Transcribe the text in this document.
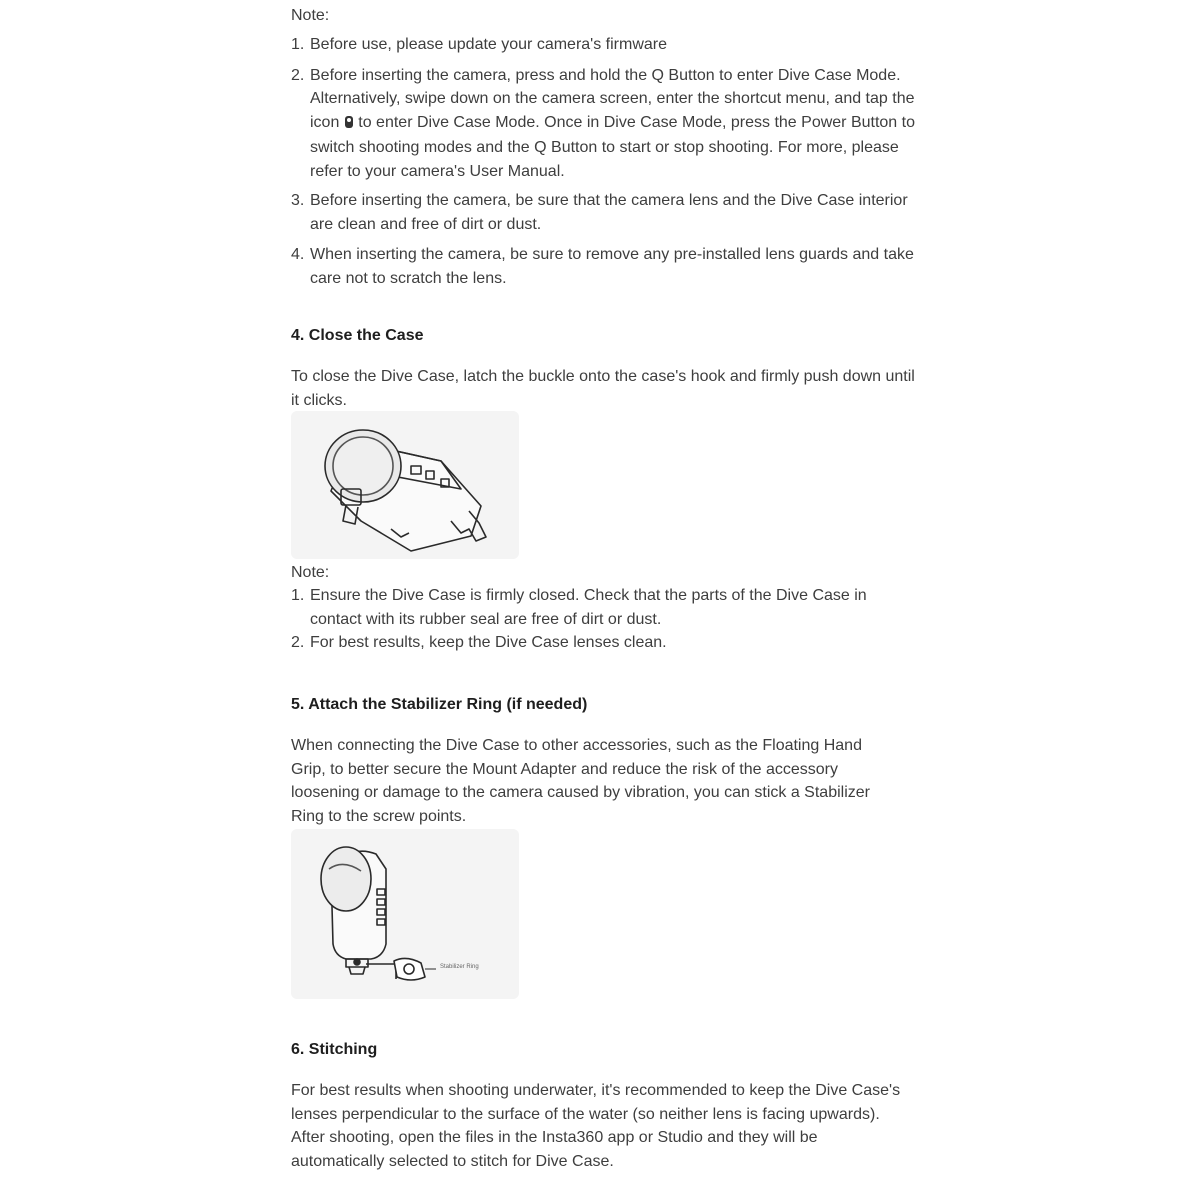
Note:
1. Before use, please update your camera's firmware
2. Before inserting the camera, press and hold the Q Button to enter Dive Case Mode. Alternatively, swipe down on the camera screen, enter the shortcut menu, and tap the icon to enter Dive Case Mode. Once in Dive Case Mode, press the Power Button to switch shooting modes and the Q Button to start or stop shooting. For more, please refer to your camera's User Manual.
3. Before inserting the camera, be sure that the camera lens and the Dive Case interior are clean and free of dirt or dust.
4. When inserting the camera, be sure to remove any pre-installed lens guards and take care not to scratch the lens.
4. Close the Case
To close the Dive Case, latch the buckle onto the case's hook and firmly push down until it clicks.
Note:
1. Ensure the Dive Case is firmly closed. Check that the parts of the Dive Case in contact with its rubber seal are free of dirt or dust.
2. For best results, keep the Dive Case lenses clean.
5. Attach the Stabilizer Ring (if needed)
When connecting the Dive Case to other accessories, such as the Floating Hand Grip, to better secure the Mount Adapter and reduce the risk of the accessory loosening or damage to the camera caused by vibration, you can stick a Stabilizer Ring to the screw points.
Stabilizer Ring
6. Stitching
For best results when shooting underwater, it's recommended to keep the Dive Case's lenses perpendicular to the surface of the water (so neither lens is facing upwards). After shooting, open the files in the Insta360 app or Studio and they will be automatically selected to stitch for Dive Case.
